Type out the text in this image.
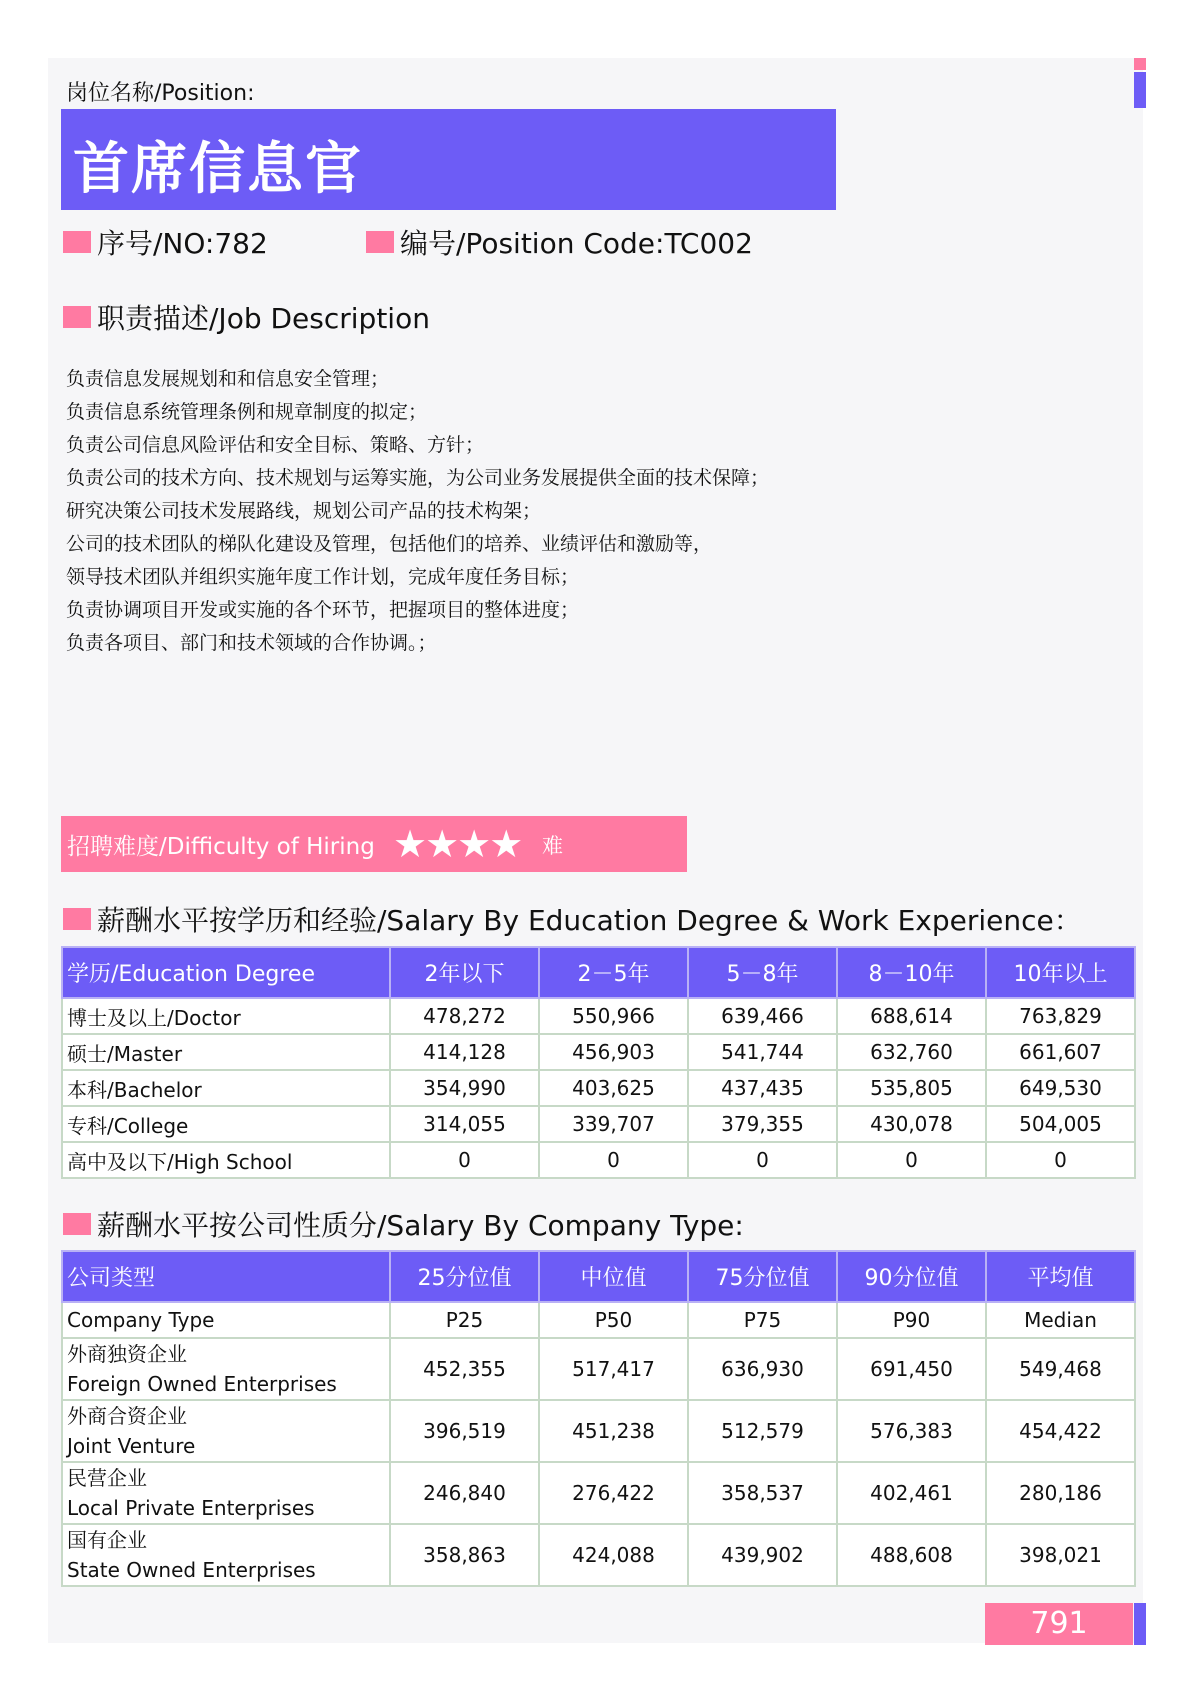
岗位名称/Position:
首席信息官
序号/NO:782	编号/Position Code:TC002
职责描述/Job Description
负责信息发展规划和和信息安全管理；
负责信息系统管理条例和规章制度的拟定；
负责公司信息风险评估和安全目标、策略、方针；
负责公司的技术方向、技术规划与运筹实施，为公司业务发展提供全面的技术保障；
研究决策公司技术发展路线，规划公司产品的技术构架；
公司的技术团队的梯队化建设及管理，包括他们的培养、业绩评估和激励等，
领导技术团队并组织实施年度工作计划，完成年度任务目标；
负责协调项目开发或实施的各个环节，把握项目的整体进度；
负责各项目、部门和技术领域的合作协调。；
招聘难度/Difficulty of Hiring ★★★★ 难
薪酬水平按学历和经验/Salary By Education Degree & Work Experience：
学历/Education Degree	2年以下	2－5年	5－8年	8－10年	10年以上
博士及以上/Doctor	478,272	550,966	639,466	688,614	763,829
硕士/Master	414,128	456,903	541,744	632,760	661,607
本科/Bachelor	354,990	403,625	437,435	535,805	649,530
专科/College	314,055	339,707	379,355	430,078	504,005
高中及以下/High School	0	0	0	0	0
薪酬水平按公司性质分/Salary By Company Type:
公司类型	25分位值	中位值	75分位值	90分位值	平均值
Company Type	P25	P50	P75	P90	Median

外商独资企业
Foreign Owned Enterprises	452,355	517,417	636,930	691,450	549,468

外商合资企业
Joint Venture	396,519	451,238	512,579	576,383	454,422

民营企业
Local Private Enterprises	246,840	276,422	358,537	402,461	280,186

国有企业
State Owned Enterprises	358,863	424,088	439,902	488,608	398,021
791
